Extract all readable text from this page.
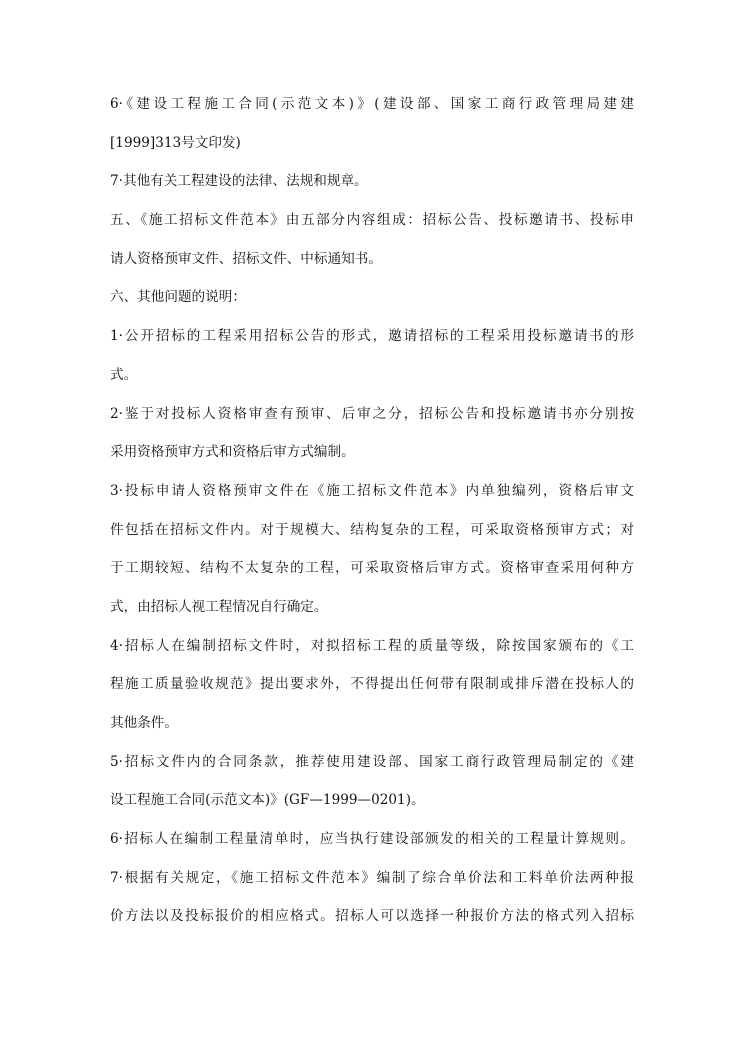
6·《建设工程施工合同(示范文本)》(建设部、国家工商行政管理局建建
[1999]313号文印发)
7·其他有关工程建设的法律、法规和规章。
五、《施工招标文件范本》由五部分内容组成：招标公告、投标邀请书、投标申
请人资格预审文件、招标文件、中标通知书。
六、其他问题的说明：
1·公开招标的工程采用招标公告的形式，邀请招标的工程采用投标邀请书的形
式。
2·鉴于对投标人资格审查有预审、后审之分，招标公告和投标邀请书亦分别按
采用资格预审方式和资格后审方式编制。
3·投标申请人资格预审文件在《施工招标文件范本》内单独编列，资格后审文
件包括在招标文件内。对于规模大、结构复杂的工程，可采取资格预审方式；对
于工期较短、结构不太复杂的工程，可采取资格后审方式。资格审查采用何种方
式，由招标人视工程情况自行确定。
4·招标人在编制招标文件时，对拟招标工程的质量等级，除按国家颁布的《工
程施工质量验收规范》提出要求外，不得提出任何带有限制或排斥潜在投标人的
其他条件。
5·招标文件内的合同条款，推荐使用建设部、国家工商行政管理局制定的《建
设工程施工合同(示范文本)》(GF—1999—0201)。
6·招标人在编制工程量清单时，应当执行建设部颁发的相关的工程量计算规则。
7·根据有关规定，《施工招标文件范本》编制了综合单价法和工料单价法两种报
价方法以及投标报价的相应格式。招标人可以选择一种报价方法的格式列入招标
